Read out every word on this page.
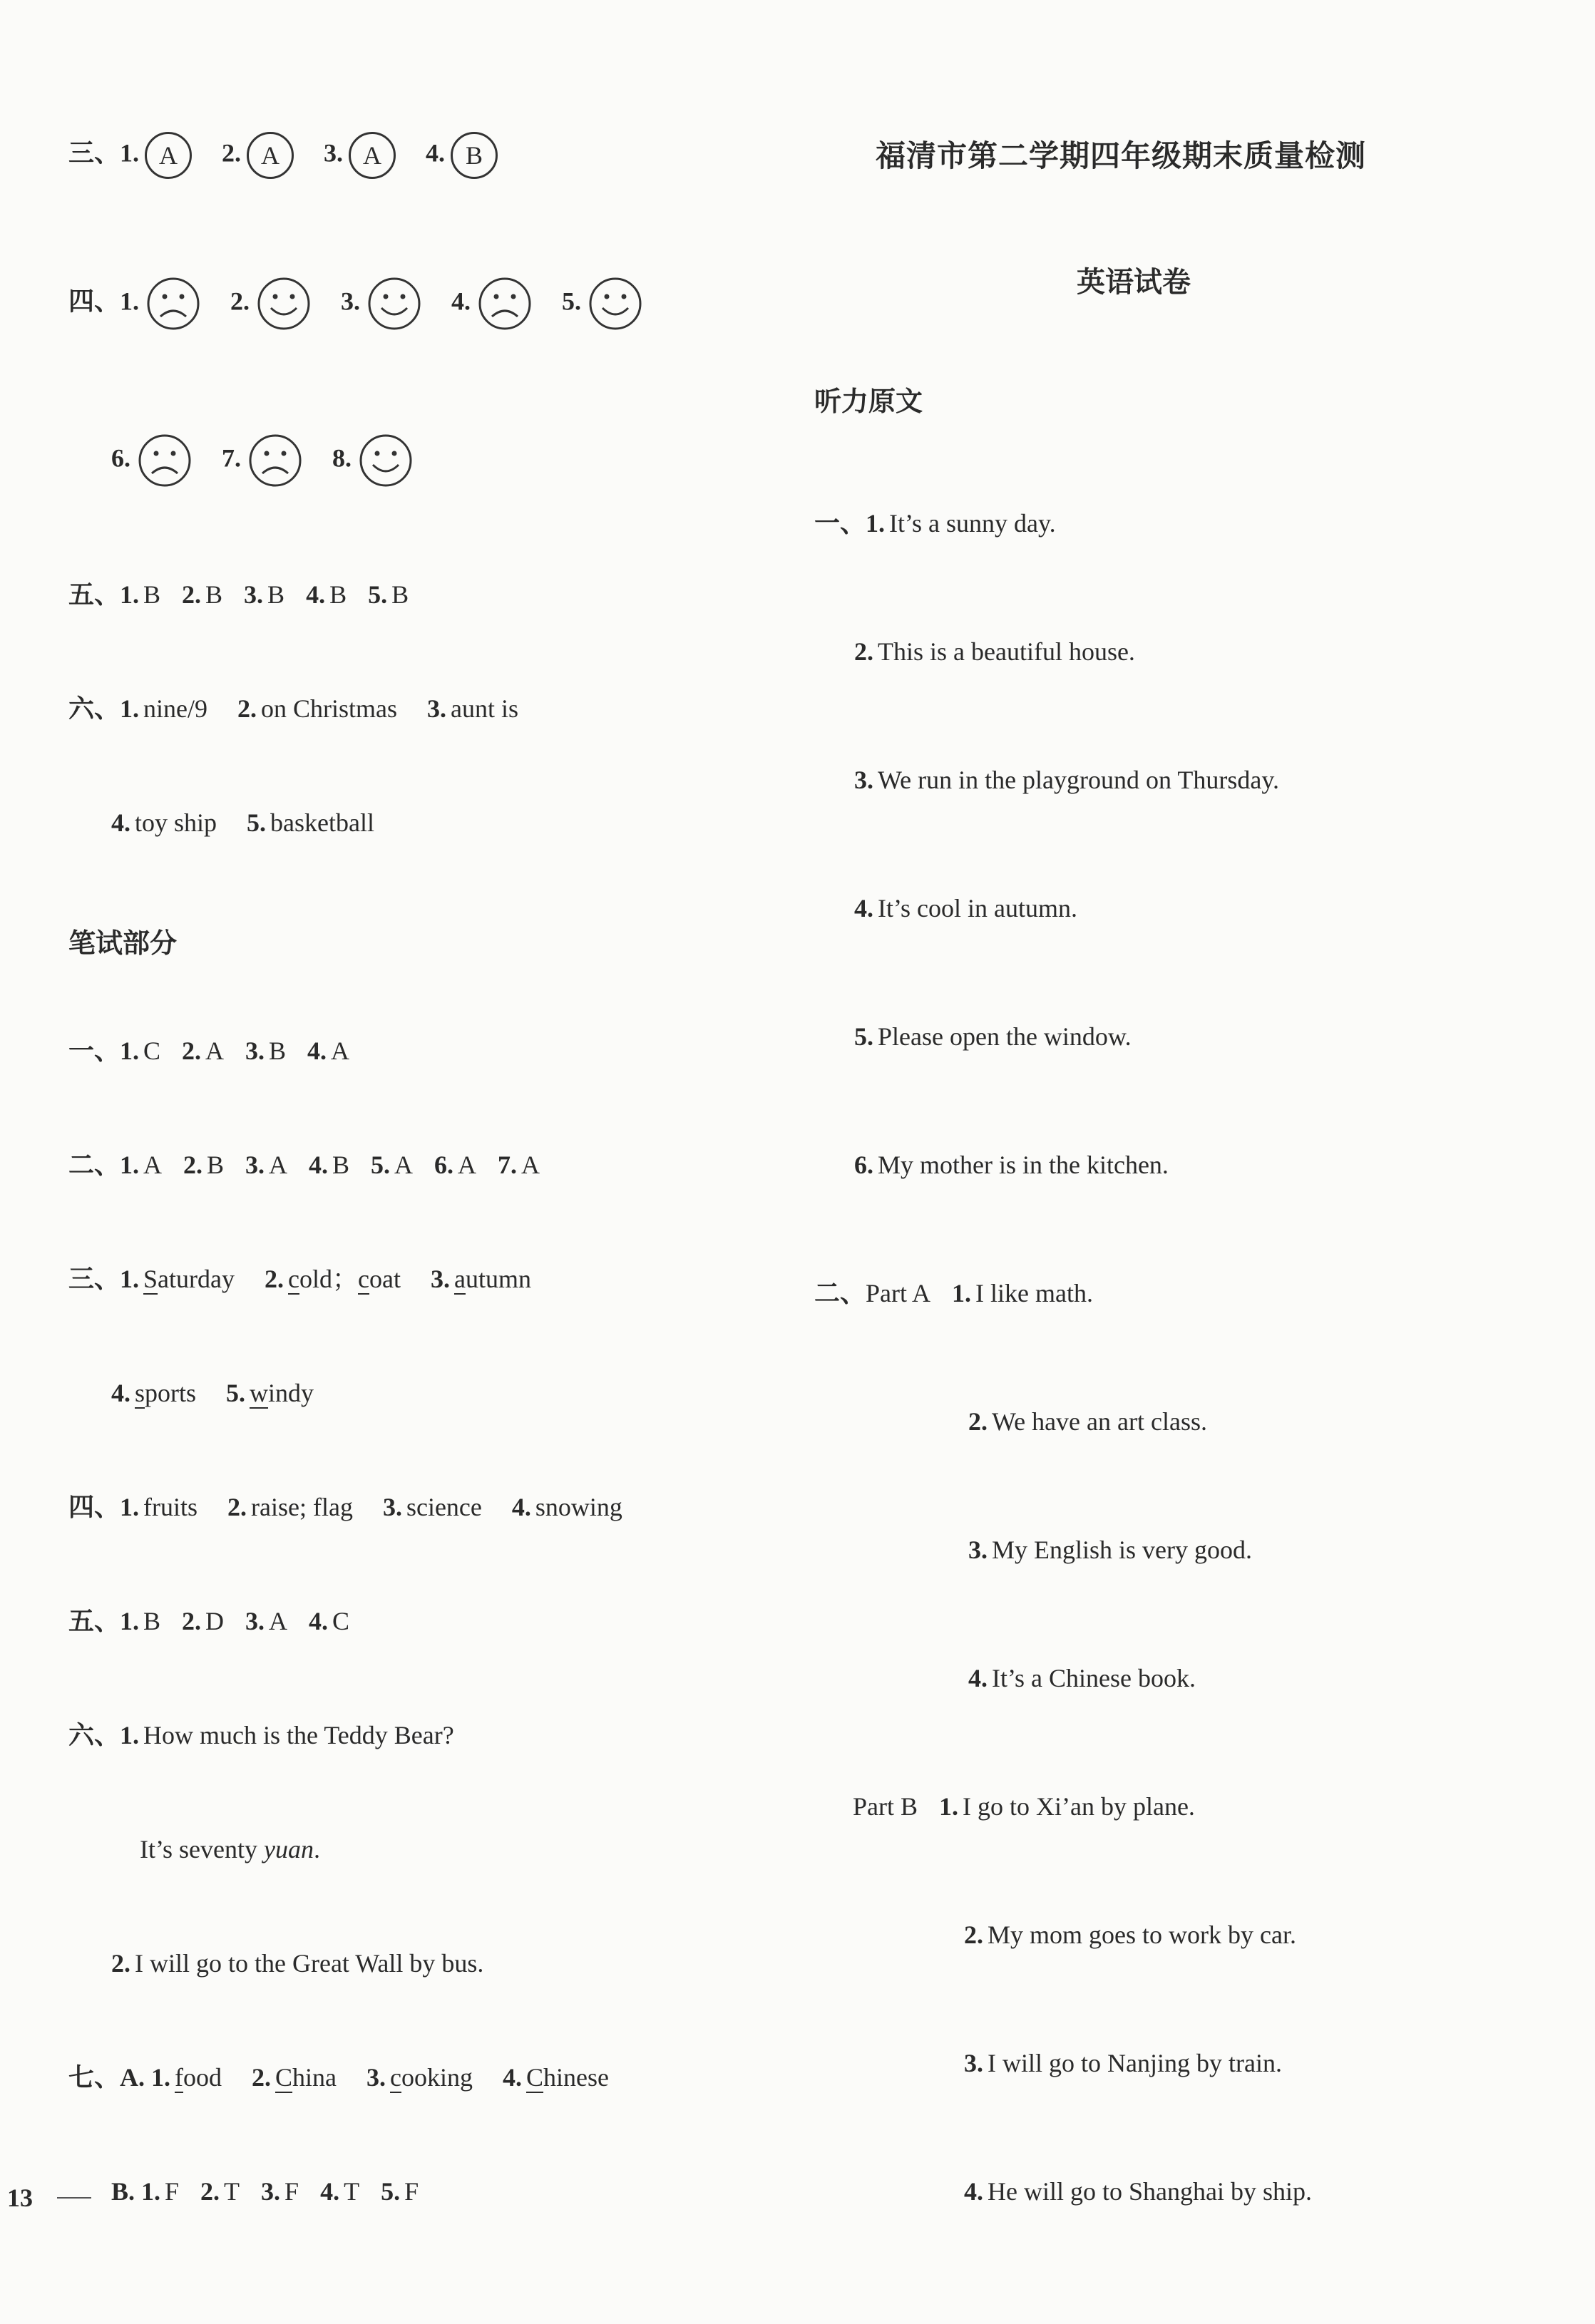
三、1. A 2. A 3. A 4. B
四、1.	2.	3.	4.	5.
6.	7.	8.
五、1. B 2. B 3. B 4. B 5. B
六、1. nine/9 2. on Christmas 3. aunt is
4. toy ship 5. basketball
笔试部分
一、1. C 2. A 3. B 4. A
二、1. A 2. B 3. A 4. B 5. A 6. A 7. A
三、1. Saturday 2. cold；coat 3. autumn
4. sports 5. windy
四、1. fruits 2. raise; flag 3. science 4. snowing
五、1. B 2. D 3. A 4. C
六、1. How much is the Teddy Bear?
It’s seventy yuan.
2. I will go to the Great Wall by bus.
七、A. 1. food 2. China 3. cooking 4. Chinese
B. 1. F 2. T 3. F 4. T 5. F
13
福清市第二学期四年级期末质量检测
英语试卷
听力原文
一、1. It’s a sunny day.
2. This is a beautiful house.
3. We run in the playground on Thursday.
4. It’s cool in autumn.
5. Please open the window.
6. My mother is in the kitchen.
二、Part A 1. I like math.
2. We have an art class.
3. My English is very good.
4. It’s a Chinese book.
Part B 1. I go to Xi’an by plane.
2. My mom goes to work by car.
3. I will go to Nanjing by train.
4. He will go to Shanghai by ship.
